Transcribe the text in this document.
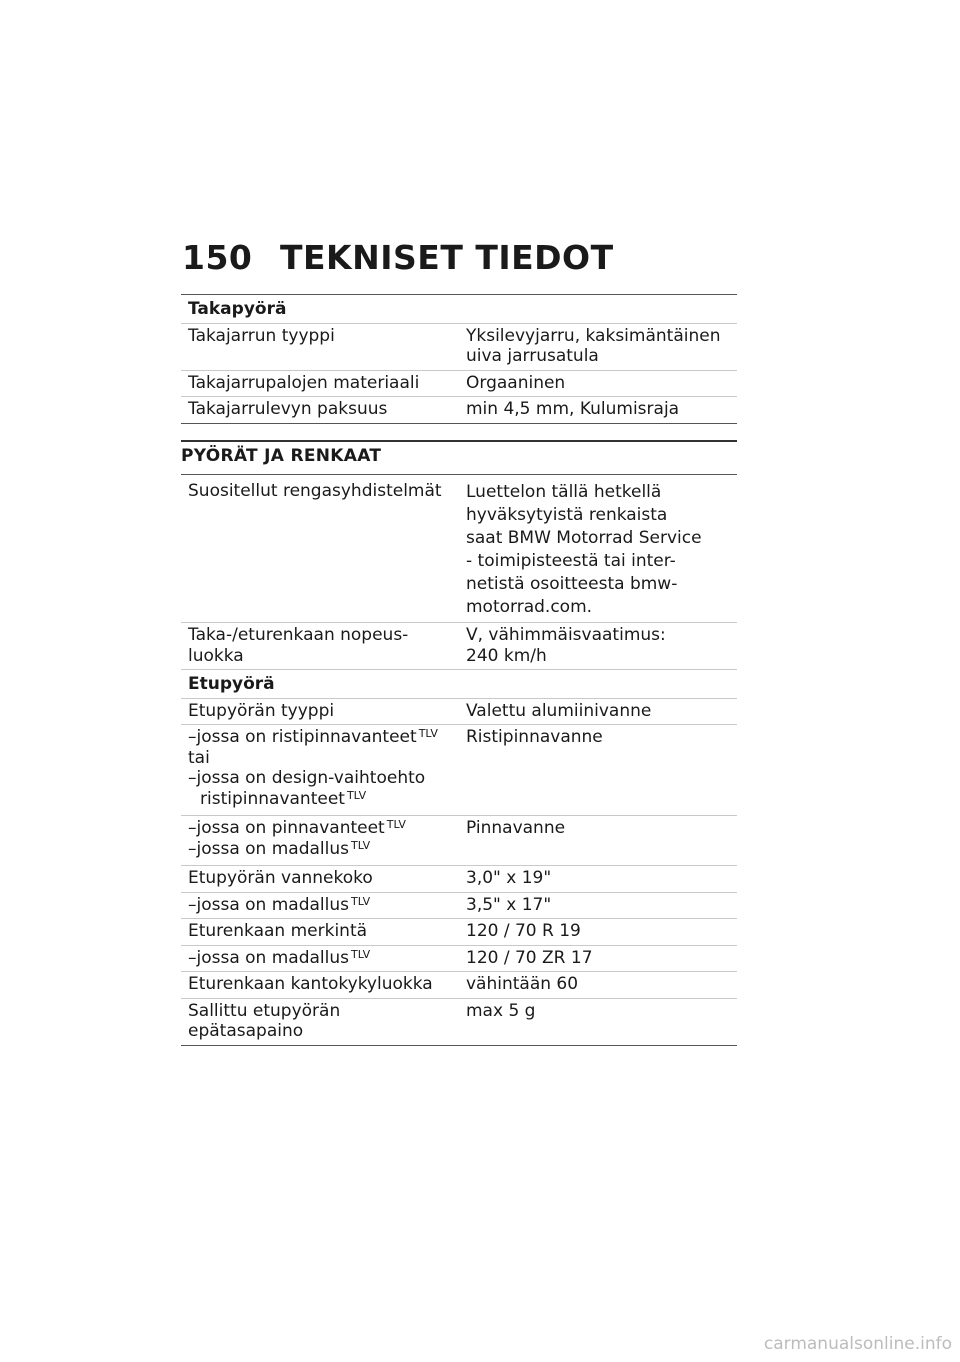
150 TEKNISET TIEDOT
Takapyörä	
Takajarrun tyyppi	Yksilevyjarru, kaksimäntäinen uiva jarrusatula
Takajarrupalojen materiaali	Orgaaninen
Takajarrulevyn paksuus	min 4,5 mm, Kulumisraja
PYÖRÄT JA RENKAAT
Suositellut rengasyhdistelmät	Luettelon tällä hetkellä hyväksytyistä renkaista saat BMW Motorrad Service - toimipisteestä tai inter-netistä osoitteesta bmw-motorrad.com.
Taka-/eturenkaan nopeus-luokka	V, vähimmäisvaatimus:
240 km/h

Etupyörä	
Etupyörän tyyppi	Valettu alumiinivanne

–jossa on ristipinnavanteet $^{TLV}$
tai
–jossa on design-vaihtoehto
ristipinnavanteet $^{TLV}$	Ristipinnavanne

–jossa on pinnavanteet $^{TLV}$
–jossa on madallus $^{TLV}$	Pinnavanne
Etupyörän vannekoko	3,0" x 19"
–jossa on madallus $^{TLV}$	3,5" x 17"
Eturenkaan merkintä	120 / 70 R 19
–jossa on madallus $^{TLV}$	120 / 70 ZR 17
Eturenkaan kantokykyluokka	vähintään 60
Sallittu etupyörän epätasapaino	max 5 g
carmanualsonline.info
